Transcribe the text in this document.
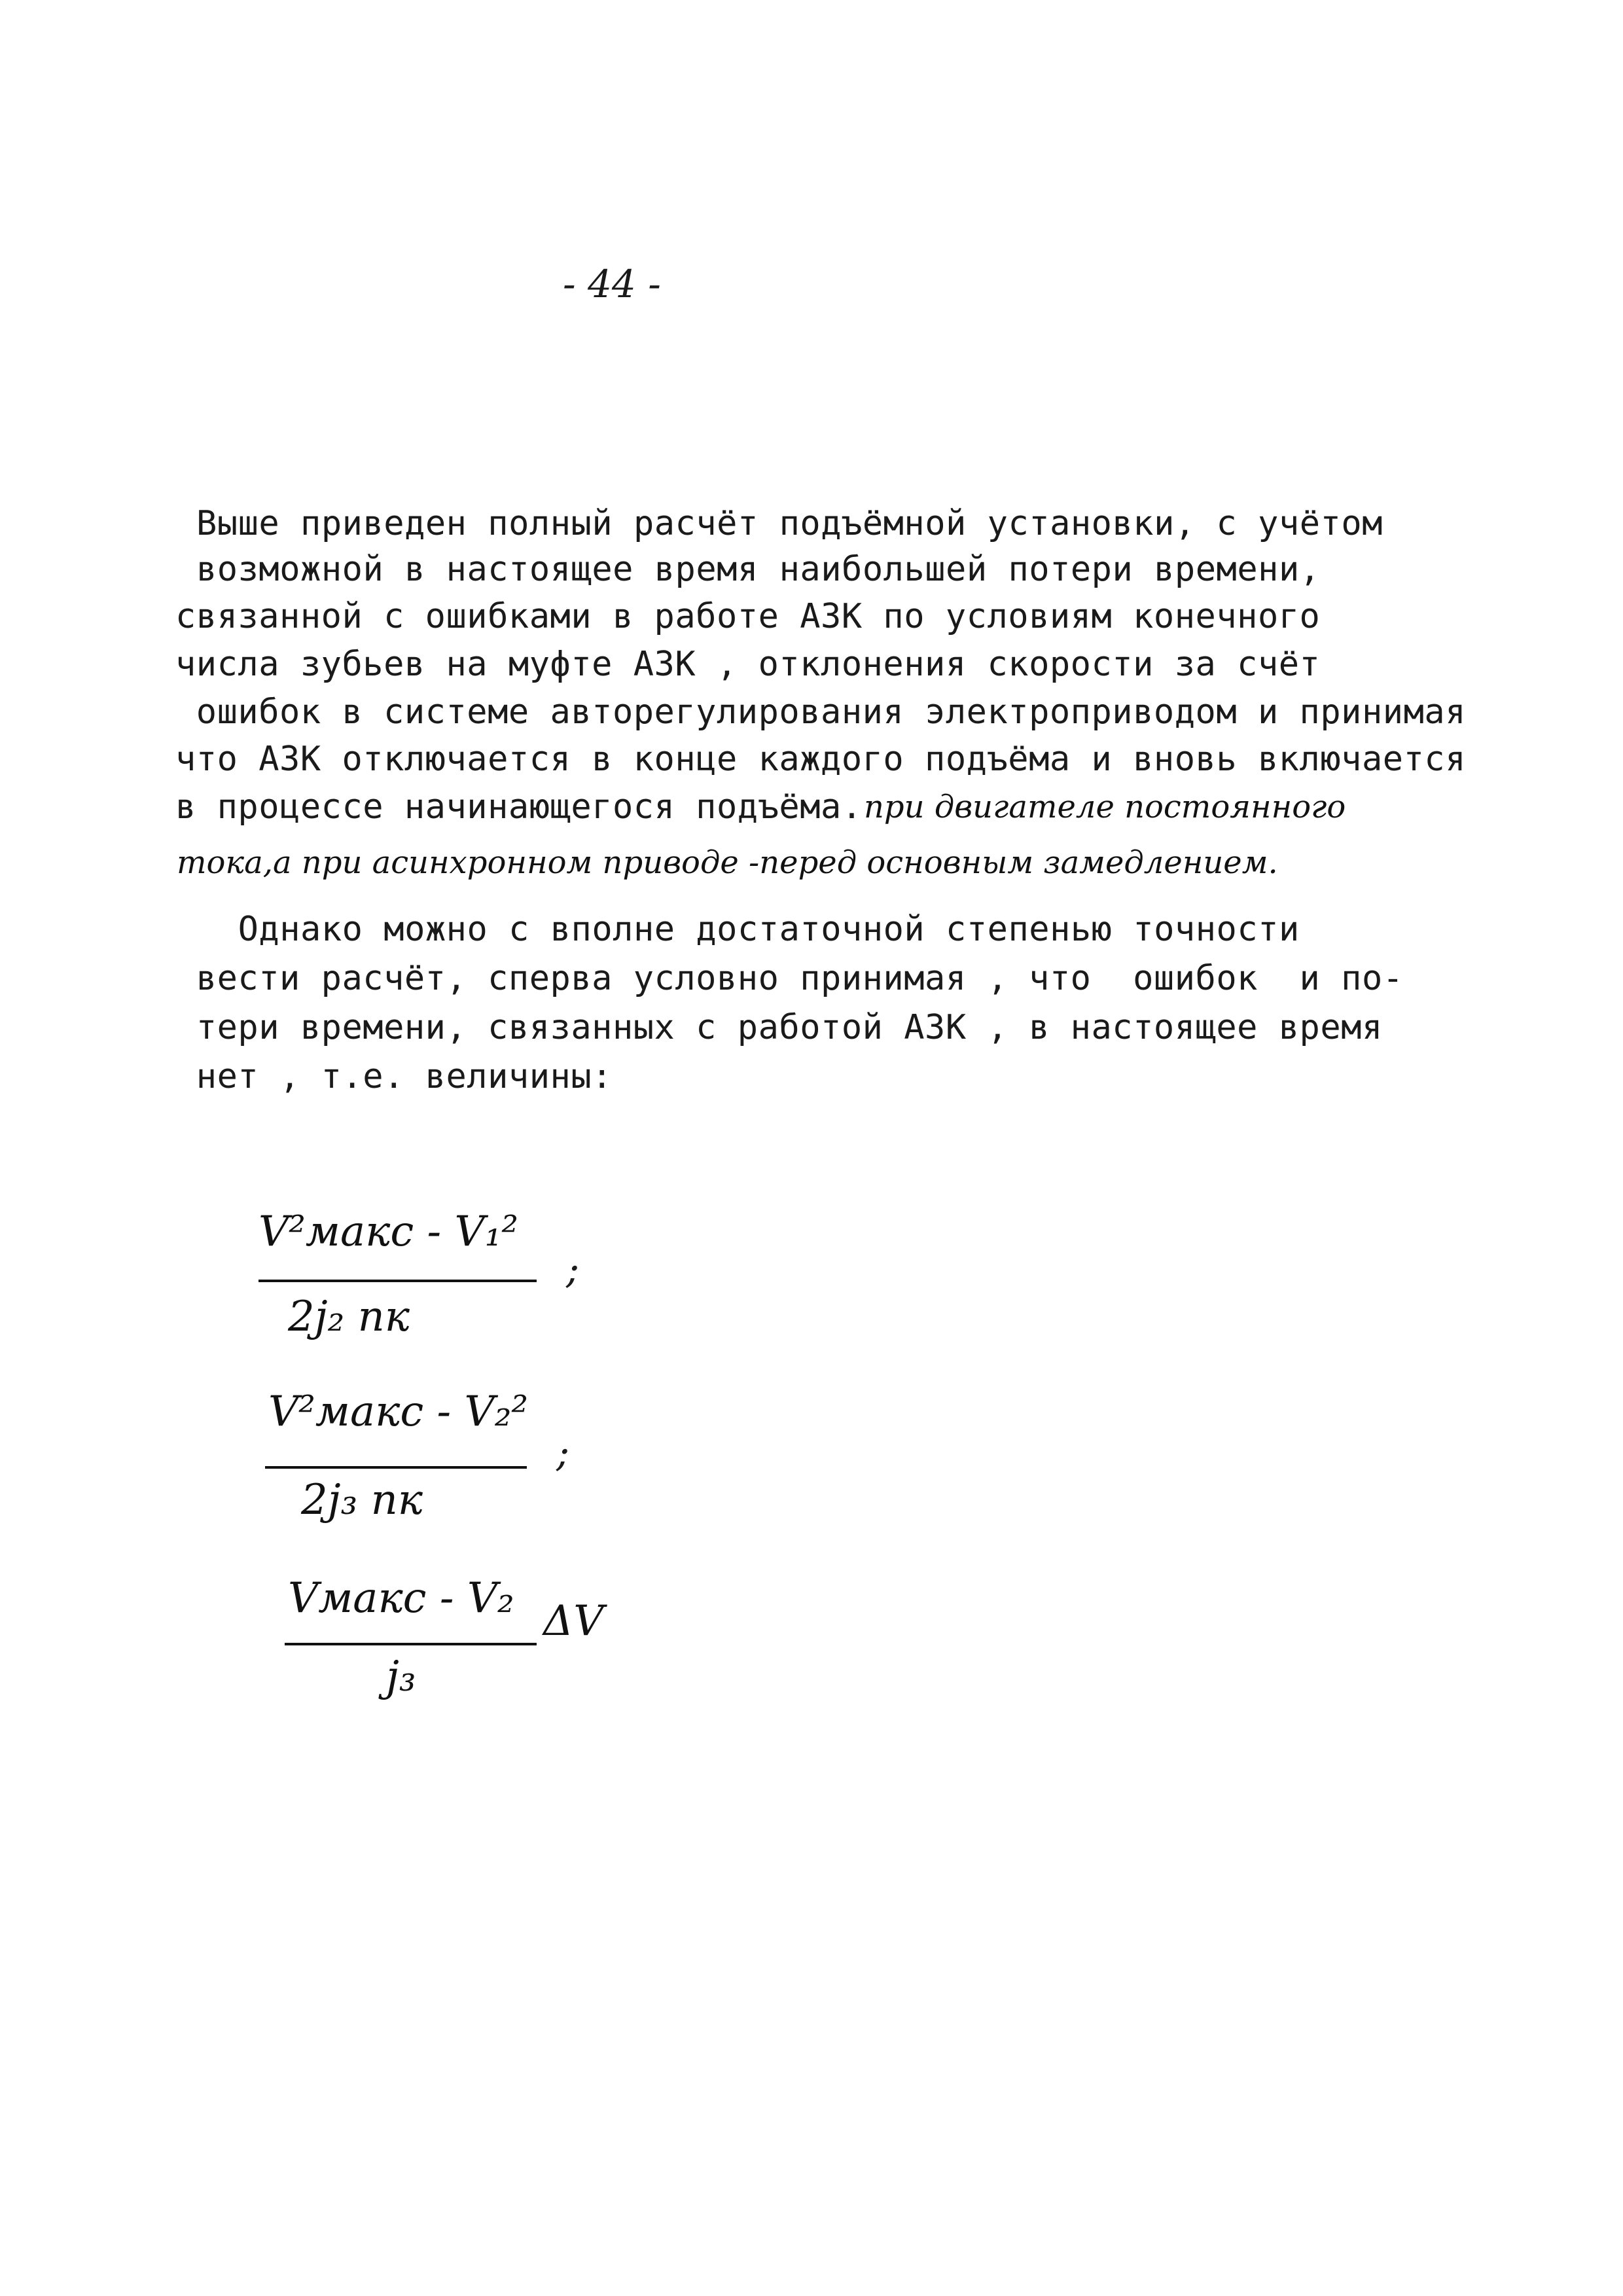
- 44 -
Выше приведен полный расчёт подъёмной установки, с учётом
возможной в настоящее время наибольшей потери времени,
связанной с ошибками в работе АЗК по условиям конечного
числа зубьев на муфте АЗК , отклонения скорости за счёт
ошибок в системе авторегулирования электроприводом и принимая
что АЗК отключается в конце каждого подъёма и вновь включается
в процессе начинающегося подъёма. при двигателе постоянного
тока,а при асинхронном приводе -перед основным замедлением.
Однако можно с вполне достаточной степенью точности
вести расчёт, сперва условно принимая , что  ошибок  и по-
тери времени, связанных с работой АЗК , в настоящее время
нет , т.е. величины:
V²макс - V₁²
2j₂ пк
;
V²макс - V₂²
2j₃ пк
;
Vмакс - V₂
j₃
ΔV
